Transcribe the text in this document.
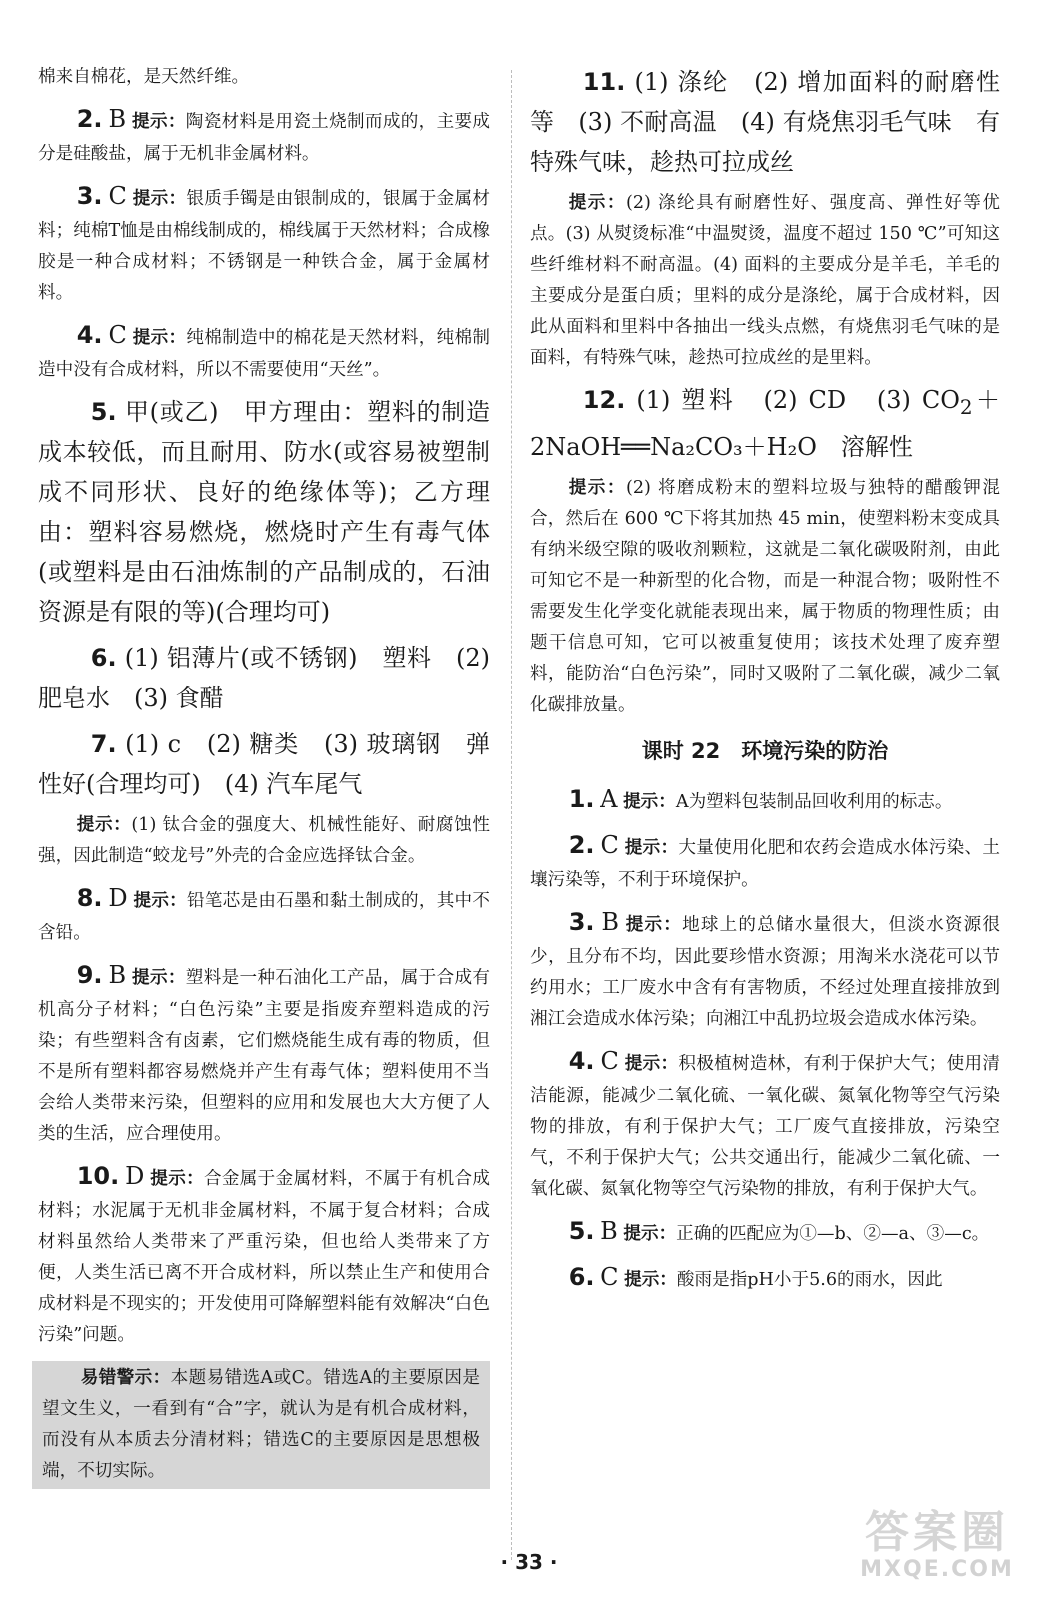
棉来自棉花，是天然纤维。

2. B 提示：陶瓷材料是用瓷土烧制而成的，主要成分是硅酸盐，属于无机非金属材料。

3. C 提示：银质手镯是由银制成的，银属于金属材料；纯棉T恤是由棉线制成的，棉线属于天然材料；合成橡胶是一种合成材料；不锈钢是一种铁合金，属于金属材料。

4. C 提示：纯棉制造中的棉花是天然材料，纯棉制造中没有合成材料，所以不需要使用“天丝”。

5. 甲(或乙)　甲方理由：塑料的制造成本较低，而且耐用、防水(或容易被塑制成不同形状、良好的绝缘体等)；乙方理由：塑料容易燃烧，燃烧时产生有毒气体(或塑料是由石油炼制的产品制成的，石油资源是有限的等)(合理均可)

6. (1) 铝薄片(或不锈钢)　塑料　(2) 肥皂水　(3) 食醋

7. (1) c　(2) 糖类　(3) 玻璃钢　弹性好(合理均可)　(4) 汽车尾气

提示：(1) 钛合金的强度大、机械性能好、耐腐蚀性强，因此制造“蛟龙号”外壳的合金应选择钛合金。

8. D 提示：铅笔芯是由石墨和黏土制成的，其中不含铅。

9. B 提示：塑料是一种石油化工产品，属于合成有机高分子材料；“白色污染”主要是指废弃塑料造成的污染；有些塑料含有卤素，它们燃烧能生成有毒的物质，但不是所有塑料都容易燃烧并产生有毒气体；塑料使用不当会给人类带来污染，但塑料的应用和发展也大大方便了人类的生活，应合理使用。

10. D 提示：合金属于金属材料，不属于有机合成材料；水泥属于无机非金属材料，不属于复合材料；合成材料虽然给人类带来了严重污染，但也给人类带来了方便，人类生活已离不开合成材料，所以禁止生产和使用合成材料是不现实的；开发使用可降解塑料能有效解决“白色污染”问题。

易错警示：本题易错选A或C。错选A的主要原因是望文生义，一看到有“合”字，就认为是有机合成材料，而没有从本质去分清材料；错选C的主要原因是思想极端，不切实际。

11. (1) 涤纶　(2) 增加面料的耐磨性等　(3) 不耐高温　(4) 有烧焦羽毛气味　有特殊气味，趁热可拉成丝

提示：(2) 涤纶具有耐磨性好、强度高、弹性好等优点。(3) 从熨烫标准“中温熨烫，温度不超过 150 ℃”可知这些纤维材料不耐高温。(4) 面料的主要成分是羊毛，羊毛的主要成分是蛋白质；里料的成分是涤纶，属于合成材料，因此从面料和里料中各抽出一线头点燃，有烧焦羽毛气味的是面料，有特殊气味，趁热可拉成丝的是里料。

12. (1) 塑料　(2) CD　(3) $CO_2+2NaOH══Na_2CO_3+H_2O$　溶解性

提示：(2) 将磨成粉末的塑料垃圾与独特的醋酸钾混合，然后在 600 ℃下将其加热 45 min，使塑料粉末变成具有纳米级空隙的吸收剂颗粒，这就是二氧化碳吸附剂，由此可知它不是一种新型的化合物，而是一种混合物；吸附性不需要发生化学变化就能表现出来，属于物质的物理性质；由题干信息可知，它可以被重复使用；该技术处理了废弃塑料，能防治“白色污染”，同时又吸附了二氧化碳，减少二氧化碳排放量。

课时 22　环境污染的防治

1. A 提示：A为塑料包装制品回收利用的标志。

2. C 提示：大量使用化肥和农药会造成水体污染、土壤污染等，不利于环境保护。

3. B 提示：地球上的总储水量很大，但淡水资源很少，且分布不均，因此要珍惜水资源；用淘米水浇花可以节约用水；工厂废水中含有有害物质，不经过处理直接排放到湘江会造成水体污染；向湘江中乱扔垃圾会造成水体污染。

4. C 提示：积极植树造林，有利于保护大气；使用清洁能源，能减少二氧化硫、一氧化碳、氮氧化物等空气污染物的排放，有利于保护大气；工厂废气直接排放，污染空气，不利于保护大气；公共交通出行，能减少二氧化硫、一氧化碳、氮氧化物等空气污染物的排放，有利于保护大气。

5. B 提示：正确的匹配应为①—b、②—a、③—c。

6. C 提示：酸雨是指pH小于5.6的雨水，因此

· 33 ·
答案圈
MXQE.COM
